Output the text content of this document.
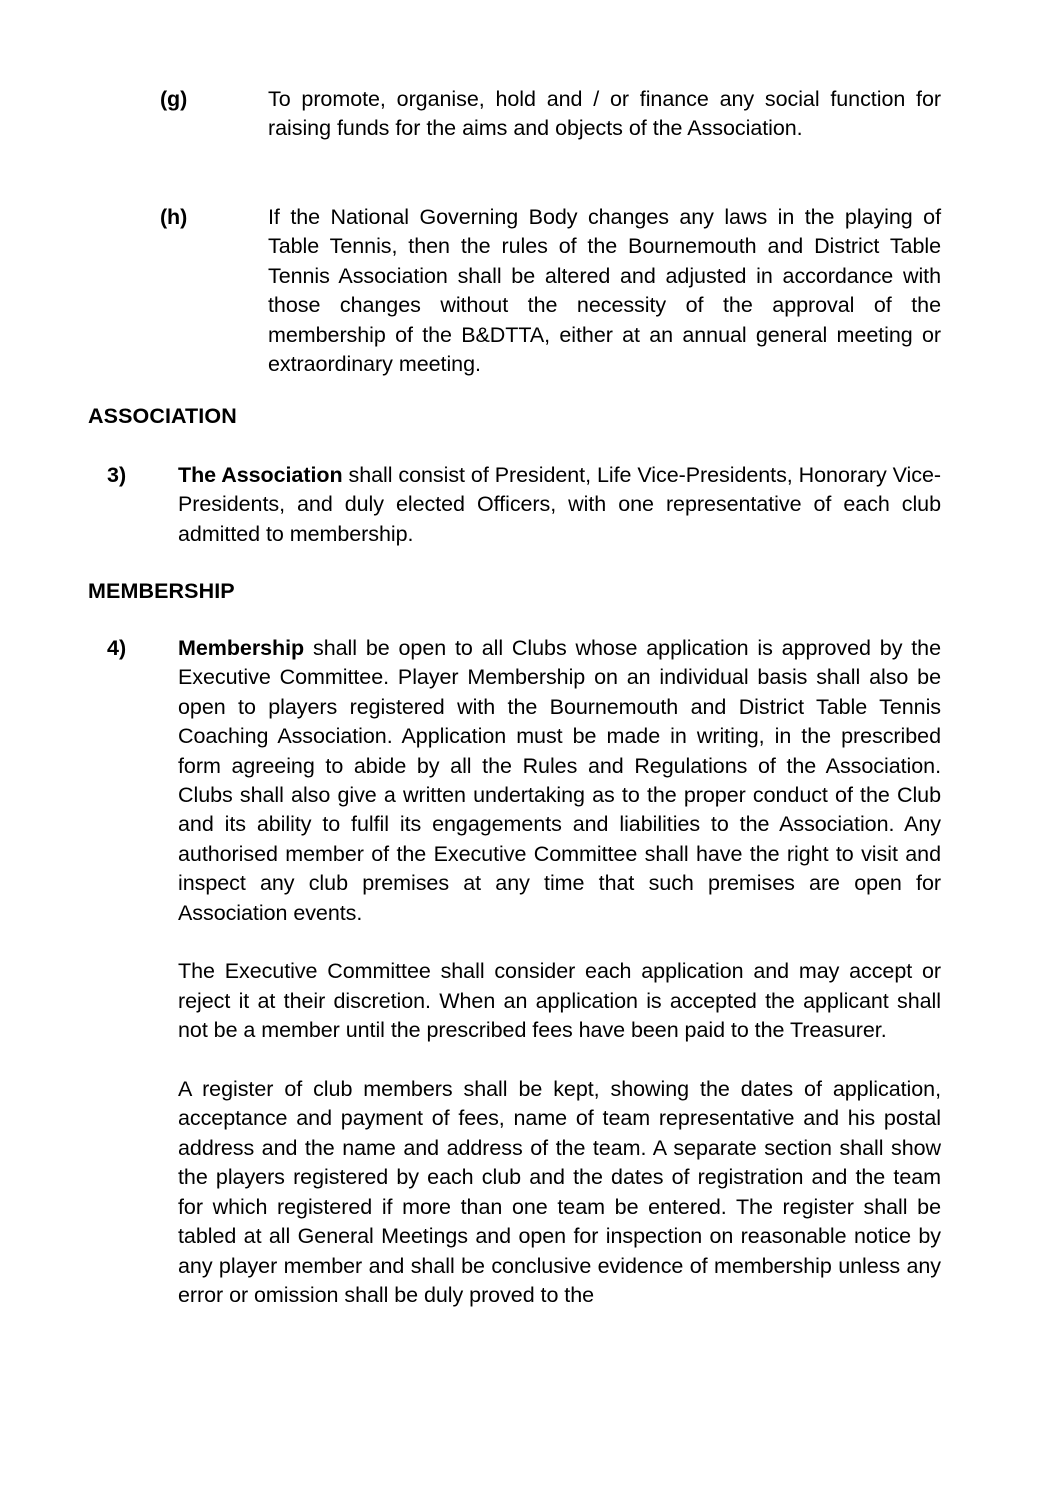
(g)	To promote, organise, hold and / or finance any social function for raising funds for the aims and objects of the Association.

(h)	If the National Governing Body changes any laws in the playing of Table Tennis, then the rules of the Bournemouth and District Table Tennis Association shall be altered and adjusted in accordance with those changes without the necessity of the approval of the membership of the B&DTTA, either at an annual general meeting or extraordinary meeting.

ASSOCIATION
3)	The Association shall consist of President, Life Vice-Presidents, Honorary Vice-Presidents, and duly elected Officers, with one representative of each club admitted to membership.

MEMBERSHIP
4)	Membership shall be open to all Clubs whose application is approved by the Executive Committee. Player Membership on an individual basis shall also be open to players registered with the Bournemouth and District Table Tennis Coaching Association. Application must be made in writing, in the prescribed form agreeing to abide by all the Rules and Regulations of the Association. Clubs shall also give a written undertaking as to the proper conduct of the Club and its ability to fulfil its engagements and liabilities to the Association. Any authorised member of the Executive Committee shall have the right to visit and inspect any club premises at any time that such premises are open for Association events.

The Executive Committee shall consider each application and may accept or reject it at their discretion. When an application is accepted the applicant shall not be a member until the prescribed fees have been paid to the Treasurer.

A register of club members shall be kept, showing the dates of application, acceptance and payment of fees, name of team representative and his postal address and the name and address of the team. A separate section shall show the players registered by each club and the dates of registration and the team for which registered if more than one team be entered. The register shall be tabled at all General Meetings and open for inspection on reasonable notice by any player member and shall be conclusive evidence of membership unless any error or omission shall be duly proved to the
